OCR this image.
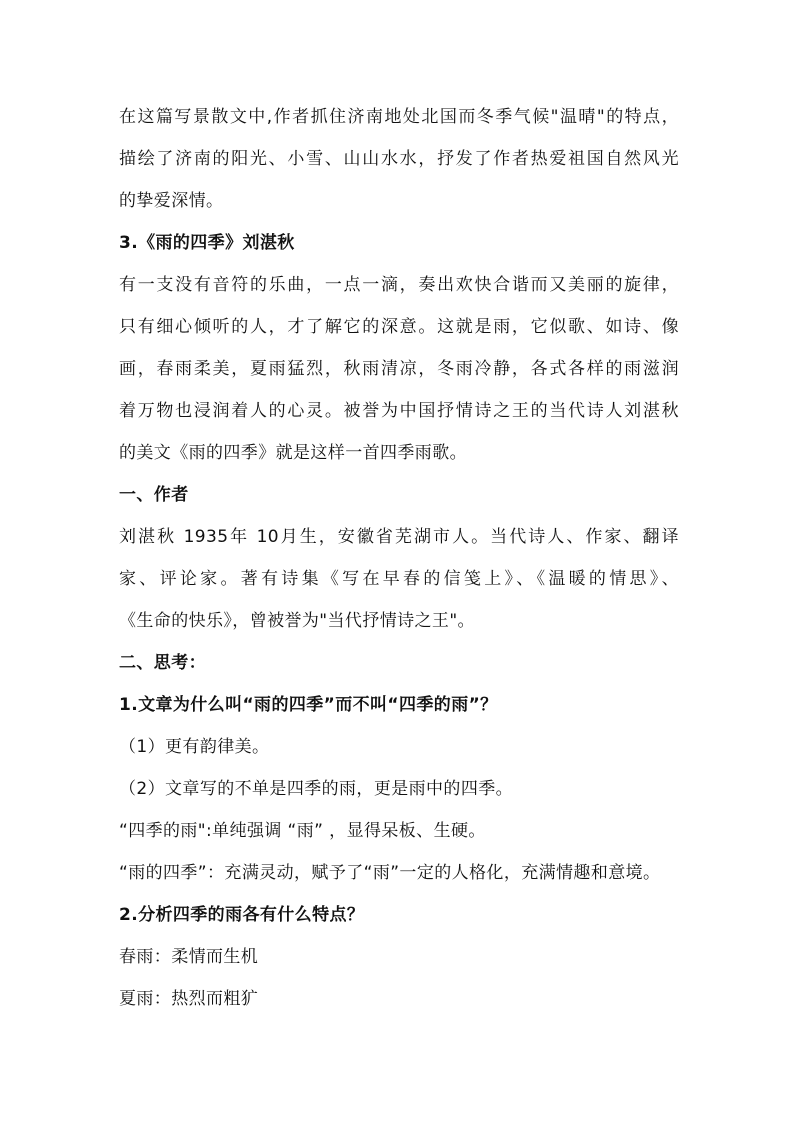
在这篇写景散文中,作者抓住济南地处北国而冬季气候"温晴"的特点，
描绘了济南的阳光、小雪、山山水水，抒发了作者热爱祖国自然风光
的挚爱深情。
3.《雨的四季》刘湛秋
有一支没有音符的乐曲，一点一滴，奏出欢快合谐而又美丽的旋律，
只有细心倾听的人，才了解它的深意。这就是雨，它似歌、如诗、像
画，春雨柔美，夏雨猛烈，秋雨清凉，冬雨冷静，各式各样的雨滋润
着万物也浸润着人的心灵。被誉为中国抒情诗之王的当代诗人刘湛秋
的美文《雨的四季》就是这样一首四季雨歌。
一、作者
刘湛秋 1935年 10月生，安徽省芜湖市人。当代诗人、作家、翻译
家、评论家。著有诗集《写在早春的信笺上》、《温暖的情思》、
《生命的快乐》，曾被誉为"当代抒情诗之王"。
二、思考：
1.文章为什么叫“雨的四季”而不叫“四季的雨”？
（1）更有韵律美。
（2）文章写的不单是四季的雨，更是雨中的四季。
“四季的雨":单纯强调 “雨” ，显得呆板、生硬。
“雨的四季”：充满灵动，赋予了“雨”一定的人格化，充满情趣和意境。
2.分析四季的雨各有什么特点？
春雨：柔情而生机
夏雨：热烈而粗犷
